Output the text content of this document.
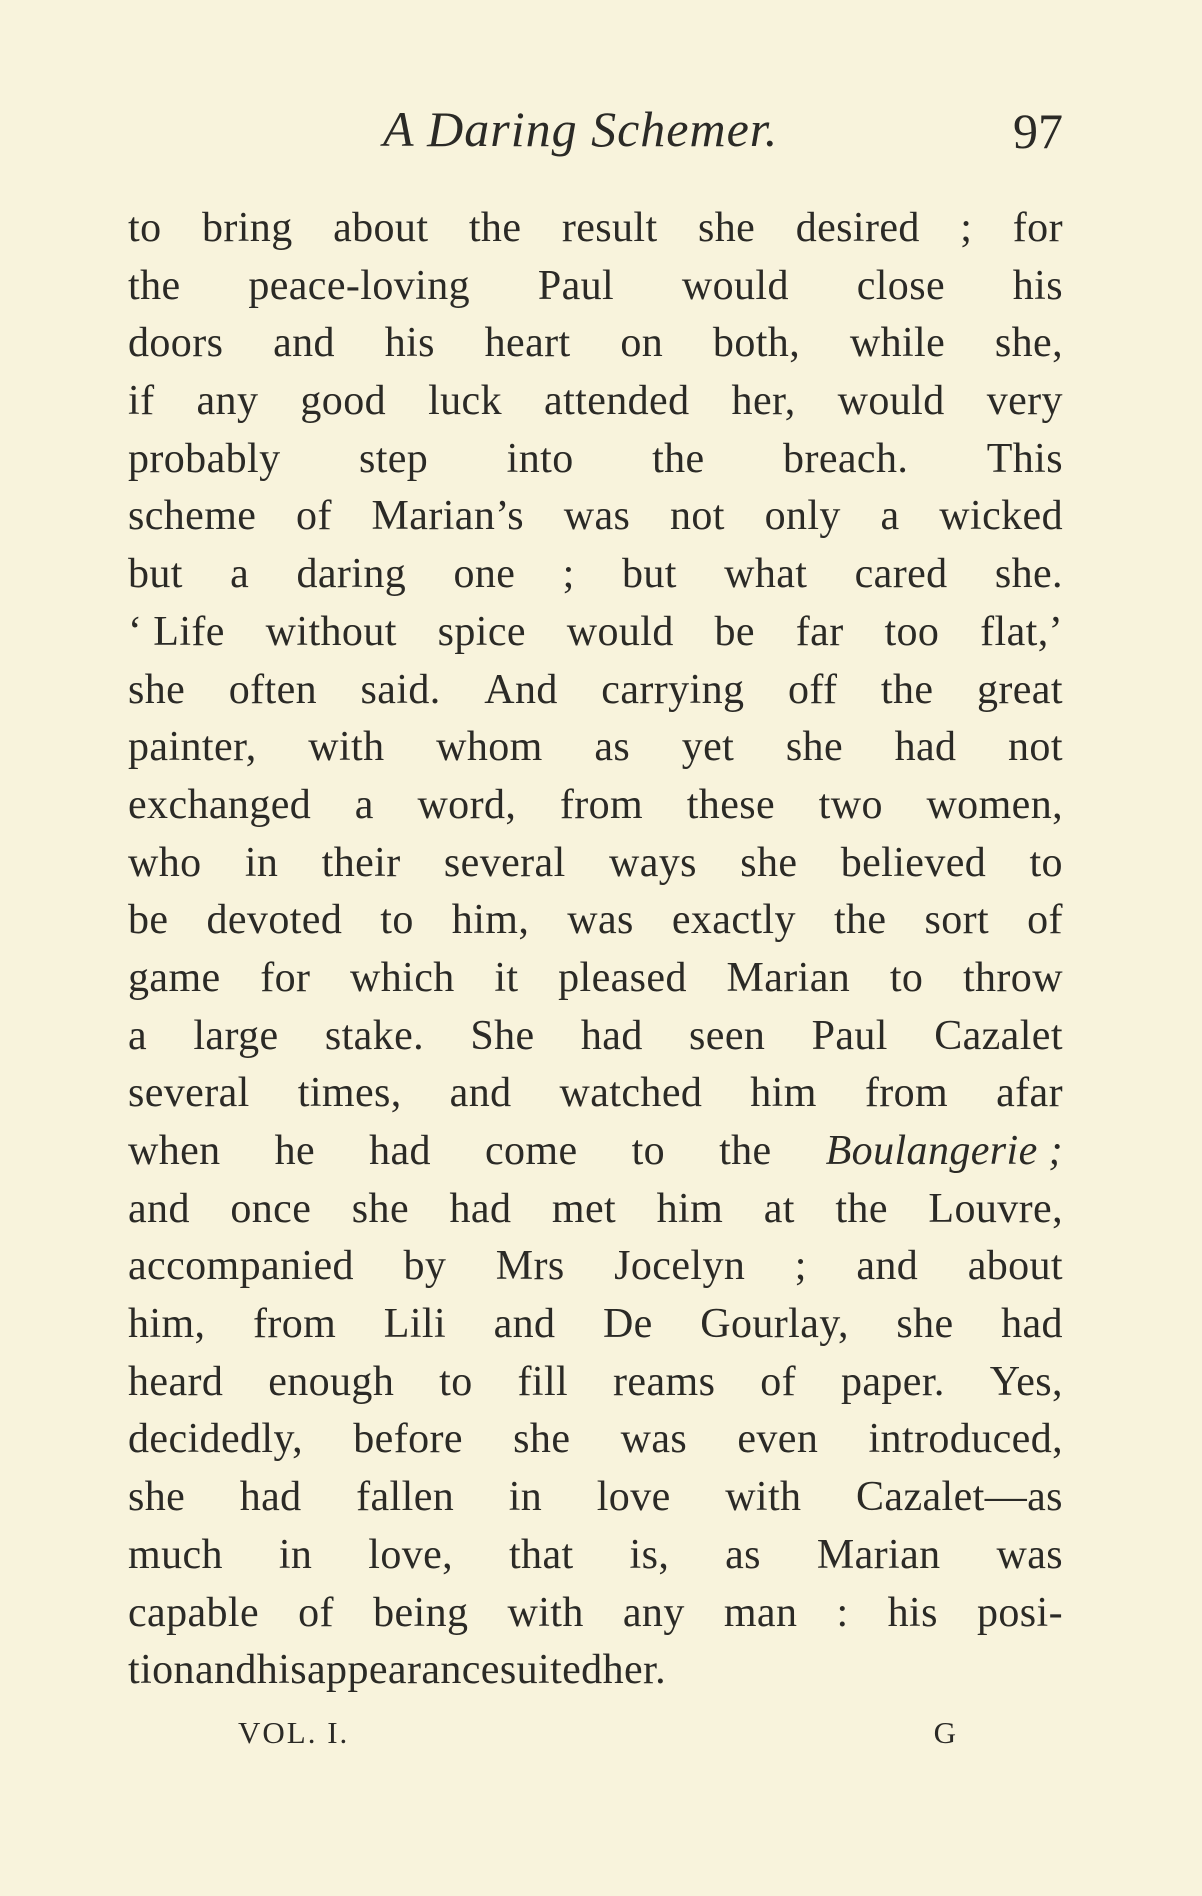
A Daring Schemer.	97
to bring about the result she desired ; for
the peace-loving Paul would close his
doors and his heart on both, while she,
if any good luck attended her, would very
probably step into the breach. This
scheme of Marian’s was not only a wicked
but a daring one ; but what cared she.
‘ Life without spice would be far too flat,’
she often said. And carrying off the great
painter, with whom as yet she had not
exchanged a word, from these two women,
who in their several ways she believed to
be devoted to him, was exactly the sort of
game for which it pleased Marian to throw
a large stake. She had seen Paul Cazalet
several times, and watched him from afar
when he had come to the Boulangerie ;
and once she had met him at the Louvre,
accompanied by Mrs Jocelyn ; and about
him, from Lili and De Gourlay, she had
heard enough to fill reams of paper. Yes,
decidedly, before she was even introduced,
she had fallen in love with Cazalet—as
much in love, that is, as Marian was
capable of being with any man : his posi-
tion and his appearance suited her.
VOL. I.	G
